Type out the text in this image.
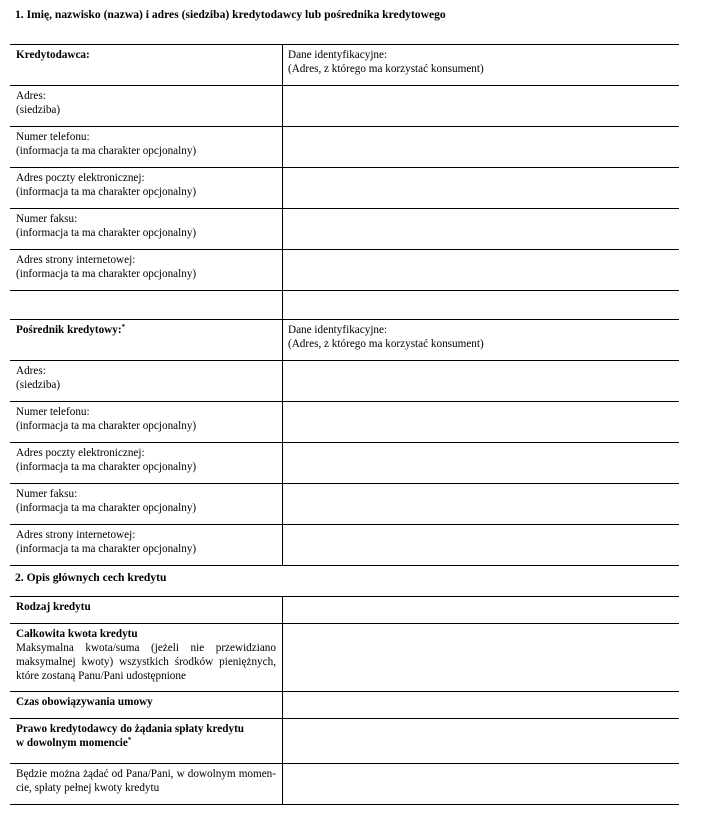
1. Imię, nazwisko (nazwa) i adres (siedziba) kredytodawcy lub pośrednika kredytowego
Kredytodawca:	Dane identyfikacyjne:
(Adres, z którego ma korzystać konsument)
Adres:
(siedziba)
Numer telefonu:
(informacja ta ma charakter opcjonalny)
Adres poczty elektronicznej:
(informacja ta ma charakter opcjonalny)
Numer faksu:
(informacja ta ma charakter opcjonalny)
Adres strony internetowej:
(informacja ta ma charakter opcjonalny)
Pośrednik kredytowy:*	Dane identyfikacyjne:
(Adres, z którego ma korzystać konsument)
Adres:
(siedziba)
Numer telefonu:
(informacja ta ma charakter opcjonalny)
Adres poczty elektronicznej:
(informacja ta ma charakter opcjonalny)
Numer faksu:
(informacja ta ma charakter opcjonalny)
Adres strony internetowej:
(informacja ta ma charakter opcjonalny)
2. Opis głównych cech kredytu
Rodzaj kredytu
Całkowita kwota kredytu
Maksymalna kwota/suma (jeżeli nie przewidziano maksymalnej kwoty) wszystkich środków pieniężnych, które zostaną Panu/Pani udostępnione
Czas obowiązywania umowy
Prawo kredytodawcy do żądania spłaty kredytu
w dowolnym momencie*
Będzie można żądać od Pana/Pani, w dowolnym momencie, spłaty pełnej kwoty kredytu
